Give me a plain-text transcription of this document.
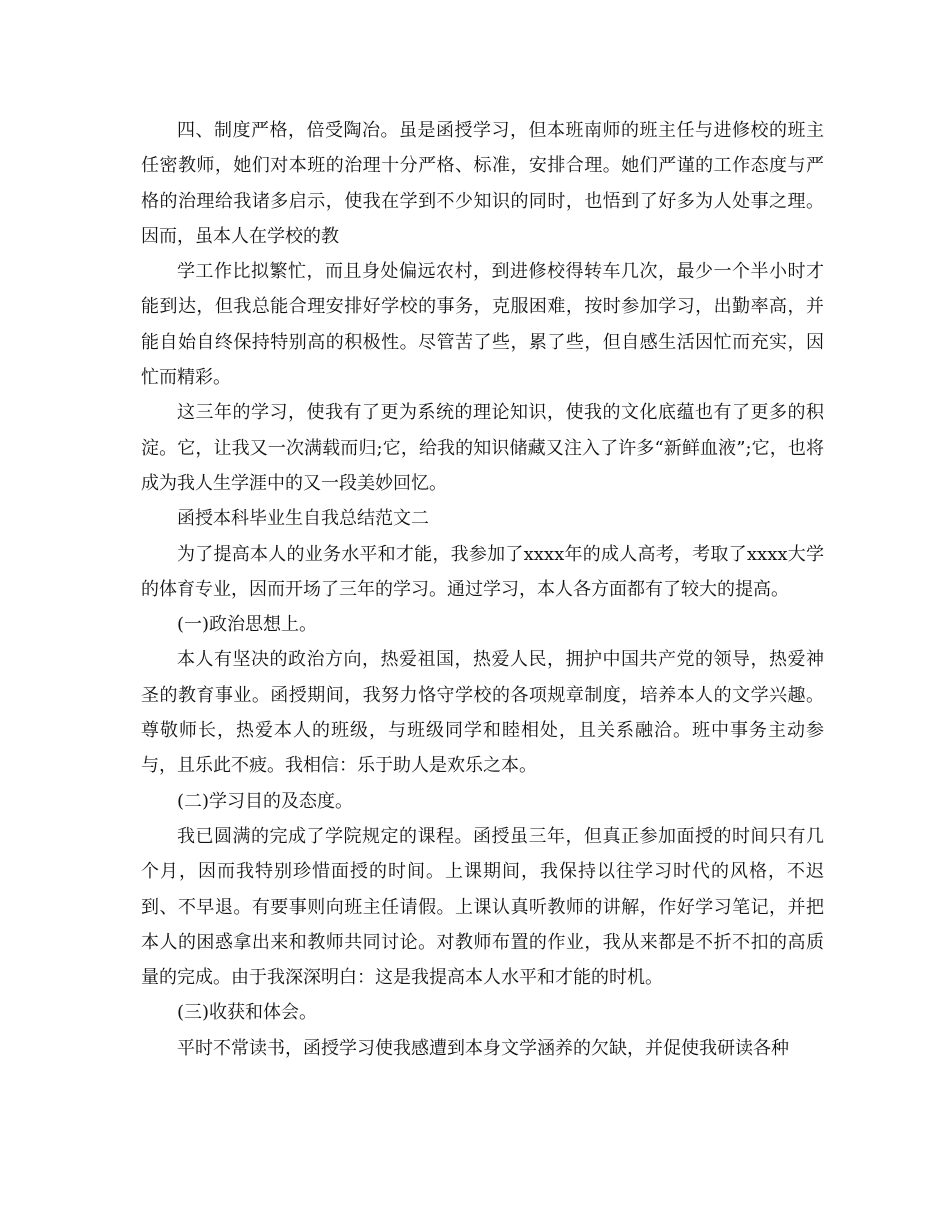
四、制度严格，倍受陶冶。虽是函授学习，但本班南师的班主任与进修校的班主任密教师，她们对本班的治理十分严格、标准，安排合理。她们严谨的工作态度与严格的治理给我诸多启示，使我在学到不少知识的同时，也悟到了好多为人处事之理。因而，虽本人在学校的教

学工作比拟繁忙，而且身处偏远农村，到进修校得转车几次，最少一个半小时才能到达，但我总能合理安排好学校的事务，克服困难，按时参加学习，出勤率高，并能自始自终保持特别高的积极性。尽管苦了些，累了些，但自感生活因忙而充实，因忙而精彩。

这三年的学习，使我有了更为系统的理论知识，使我的文化底蕴也有了更多的积淀。它，让我又一次满载而归;它，给我的知识储藏又注入了许多“新鲜血液”;它，也将成为我人生学涯中的又一段美妙回忆。

函授本科毕业生自我总结范文二

为了提高本人的业务水平和才能，我参加了xxxx年的成人高考，考取了xxxx大学的体育专业，因而开场了三年的学习。通过学习，本人各方面都有了较大的提高。

(一)政治思想上。

本人有坚决的政治方向，热爱祖国，热爱人民，拥护中国共产党的领导，热爱神圣的教育事业。函授期间，我努力恪守学校的各项规章制度，培养本人的文学兴趣。尊敬师长，热爱本人的班级，与班级同学和睦相处，且关系融洽。班中事务主动参与，且乐此不疲。我相信：乐于助人是欢乐之本。

(二)学习目的及态度。

我已圆满的完成了学院规定的课程。函授虽三年，但真正参加面授的时间只有几个月，因而我特别珍惜面授的时间。上课期间，我保持以往学习时代的风格，不迟到、不早退。有要事则向班主任请假。上课认真听教师的讲解，作好学习笔记，并把本人的困惑拿出来和教师共同讨论。对教师布置的作业，我从来都是不折不扣的高质量的完成。由于我深深明白：这是我提高本人水平和才能的时机。

(三)收获和体会。

平时不常读书，函授学习使我感遭到本身文学涵养的欠缺，并促使我研读各种
